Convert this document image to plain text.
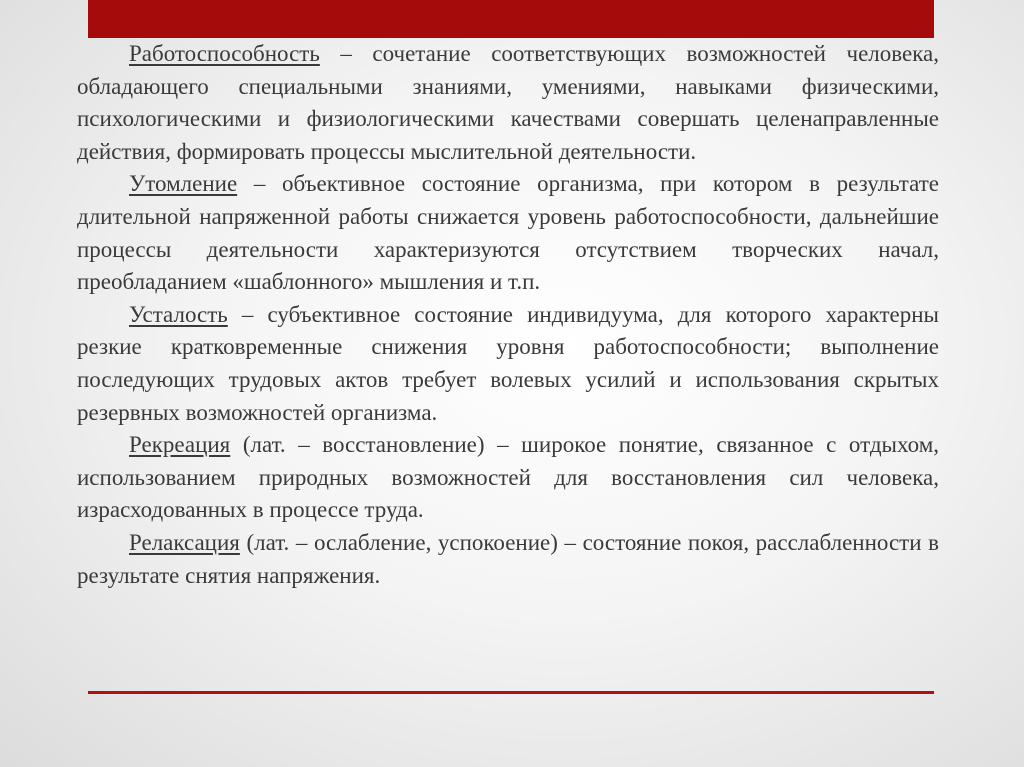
Работоспособность – сочетание соответствующих возможностей человека, обладающего специальными знаниями, умениями, навыками физическими, психологическими и физиологическими качествами совершать целенаправленные действия, формировать процессы мыслительной деятельности.

Утомление – объективное состояние организма, при котором в результате длительной напряженной работы снижается уровень работоспособности, дальнейшие процессы деятельности характеризуются отсутствием творческих начал, преобладанием «шаблонного» мышления и т.п.

Усталость – субъективное состояние индивидуума, для которого характерны резкие кратковременные снижения уровня работоспособности; выполнение последующих трудовых актов требует волевых усилий и использования скрытых резервных возможностей организма.

Рекреация (лат. – восстановление) – широкое понятие, связанное с отдыхом, использованием природных возможностей для восстановления сил человека, израсходованных в процессе труда.

Релаксация (лат. – ослабление, успокоение) – состояние покоя, расслабленности в результате снятия напряжения.
